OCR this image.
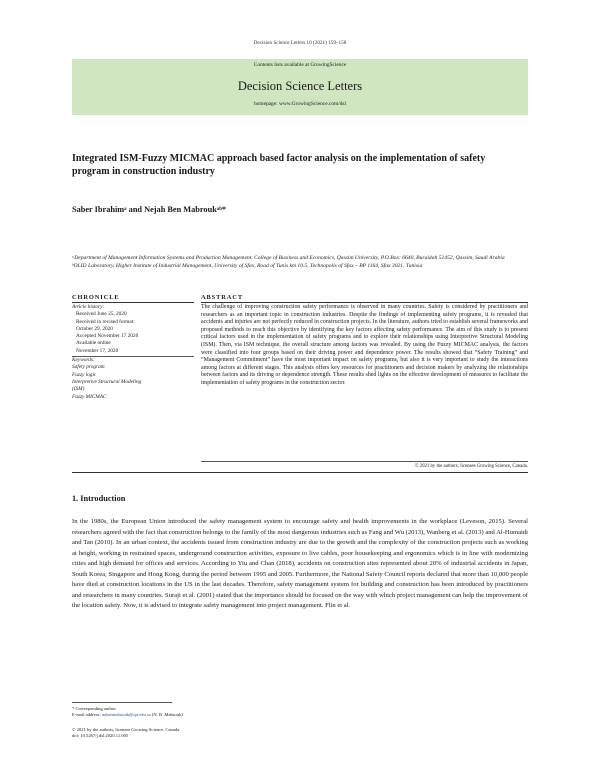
Decision Science Letters 10 (2021) 159–158
Contents lists available at GrowingScience
Decision Science Letters
homepage: www.GrowingScience.com/dsl
Integrated ISM-Fuzzy MICMAC approach based factor analysis on the implementation of safety program in construction industry
Saber Ibrahimᵃ and Nejah Ben Mabroukᵃᵇ*
ᵃDepartment of Management Information Systems and Production Management, College of Business and Economics, Qassim University, P.O.Box: 6640, Buraidah 51452, Qassim, Saudi Arabia
ᵇOLID Laboratory, Higher Institute of Industrial Management, University of Sfax, Road of Tunis km 10.5, Technopolis of Sfax – BP 1164, Sfax 3021, Tunisia
CHRONICLE
Article history:
Received June 25, 2020
Received in revised format:
October 29, 2020
Accepted November 17 2020
Available online
November 17, 2020
Keywords:
Safety program
Fuzzy logic
Interpretive Structural Modeling
(ISM)
Fuzzy MICMAC
ABSTRACT
The challenge of improving construction safety performance is observed in many countries. Safety is considered by practitioners and researchers as an important topic in construction industries. Despite the findings of implementing safety programs, it is revealed that accidents and injuries are not perfectly reduced in construction projects. In the literature, authors tried to establish several frameworks and proposed methods to reach this objective by identifying the key factors affecting safety performance. The aim of this study is to present critical factors used in the implementation of safety programs and to explore their relationships using Interpretive Structural Modeling (ISM). Then, via ISM technique, the overall structure among factors was revealed. By using the Fuzzy MICMAC analysis, the factors were classified into four groups based on their driving power and dependence power. The results showed that “Safety Training” and “Management Commitment” have the most important impact on safety programs, but also it is very important to study the interactions among factors at different stages. This analysis offers key resources for practitioners and decision makers by analyzing the relationships between factors and its driving or dependence strength. These results shed lights on the effective development of measures to facilitate the implementation of safety programs in the construction sector.
© 2021 by the authors; licensee Growing Science, Canada.
1. Introduction
In the 1980s, the European Union introduced the safety management system to encourage safety and health improvements in the workplace (Leveson, 2015). Several researchers agreed with the fact that construction belongs to the family of the most dangerous industries such as Fang and Wu (2013), Wanberg et al. (2013) and Al-Humaidi and Tan (2010). In an urban context, the accidents issued from construction industry are due to the growth and the complexity of the construction projects such as working at height, working in restrained spaces, underground construction activities, exposure to live cables, poor housekeeping and ergonomics which is in line with modernizing cities and high demand for offices and services. According to Yiu and Chan (2018), accidents on construction sites represented about 20% of industrial accidents in Japan, South Korea, Singapore and Hong Kong, during the period between 1995 and 2005. Furthermore, the National Safety Council reports declared that more than 10,000 people have died at construction locations in the US in the last decades. Therefore, safety management system for building and construction has been introduced by practitioners and researchers in many countries. Suraji et al. (2001) stated that the importance should be focused on the way with which project management can help the improvement of the location safety. Now, it is advised to integrate safety management into project management. Flin et al.
* Corresponding author.
E-mail address: nabenmabrouk@qu.edu.sa (N. B. Mabrouk)
© 2021 by the authors; licensee Growing Science, Canada.
doi: 10.5267/j.dsl.2020.11.005
